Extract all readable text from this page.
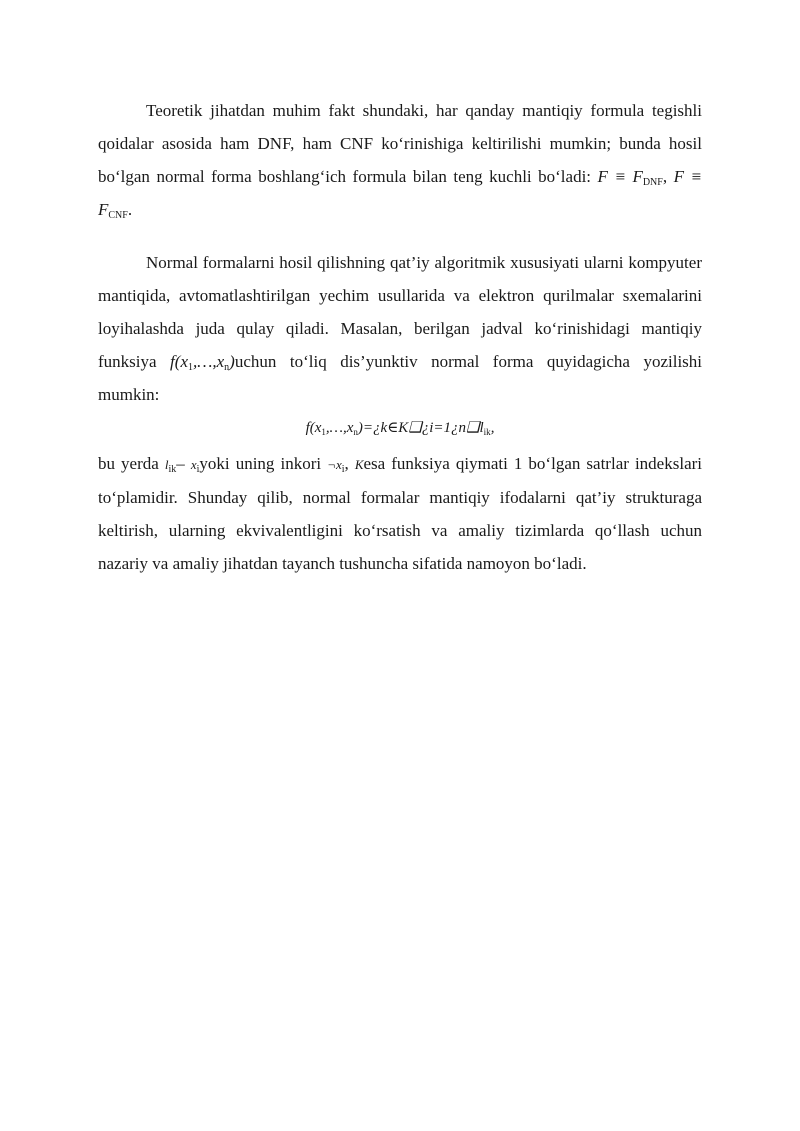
Teoretik jihatdan muhim fakt shundaki, har qanday mantiqiy formula tegishli qoidalar asosida ham DNF, ham CNF ko‘rinishiga keltirilishi mumkin; bunda hosil bo‘lgan normal forma boshlang‘ich formula bilan teng kuchli bo‘ladi: $F \equiv F_{DNF}$, $F \equiv F_{CNF}$.

Normal formalarni hosil qilishning qat’iy algoritmik xususiyati ularni kompyuter mantiqida, avtomatlashtirilgan yechim usullarida va elektron qurilmalar sxemalarini loyihalashda juda qulay qiladi. Masalan, berilgan jadval ko‘rinishidagi mantiqiy funksiya $f(x_1,\dots,x_n)uchun$ to‘liq dis’yunktiv normal forma quyidagicha yozilishi mumkin:

$f(x_1,\dots,x_n)=¿k\in K❑¿i=1¿n❑l_{ik}$,

bu yerda $l_{ik}-$ $x_iyoki$ uning inkori $\neg x_i$, Kesa funksiya qiymati 1 bo‘lgan satrlar indekslari to‘plamidir. Shunday qilib, normal formalar mantiqiy ifodalarni qat’iy strukturaga keltirish, ularning ekvivalentligini ko‘rsatish va amaliy tizimlarda qo‘llash uchun nazariy va amaliy jihatdan tayanch tushuncha sifatida namoyon bo‘ladi.
